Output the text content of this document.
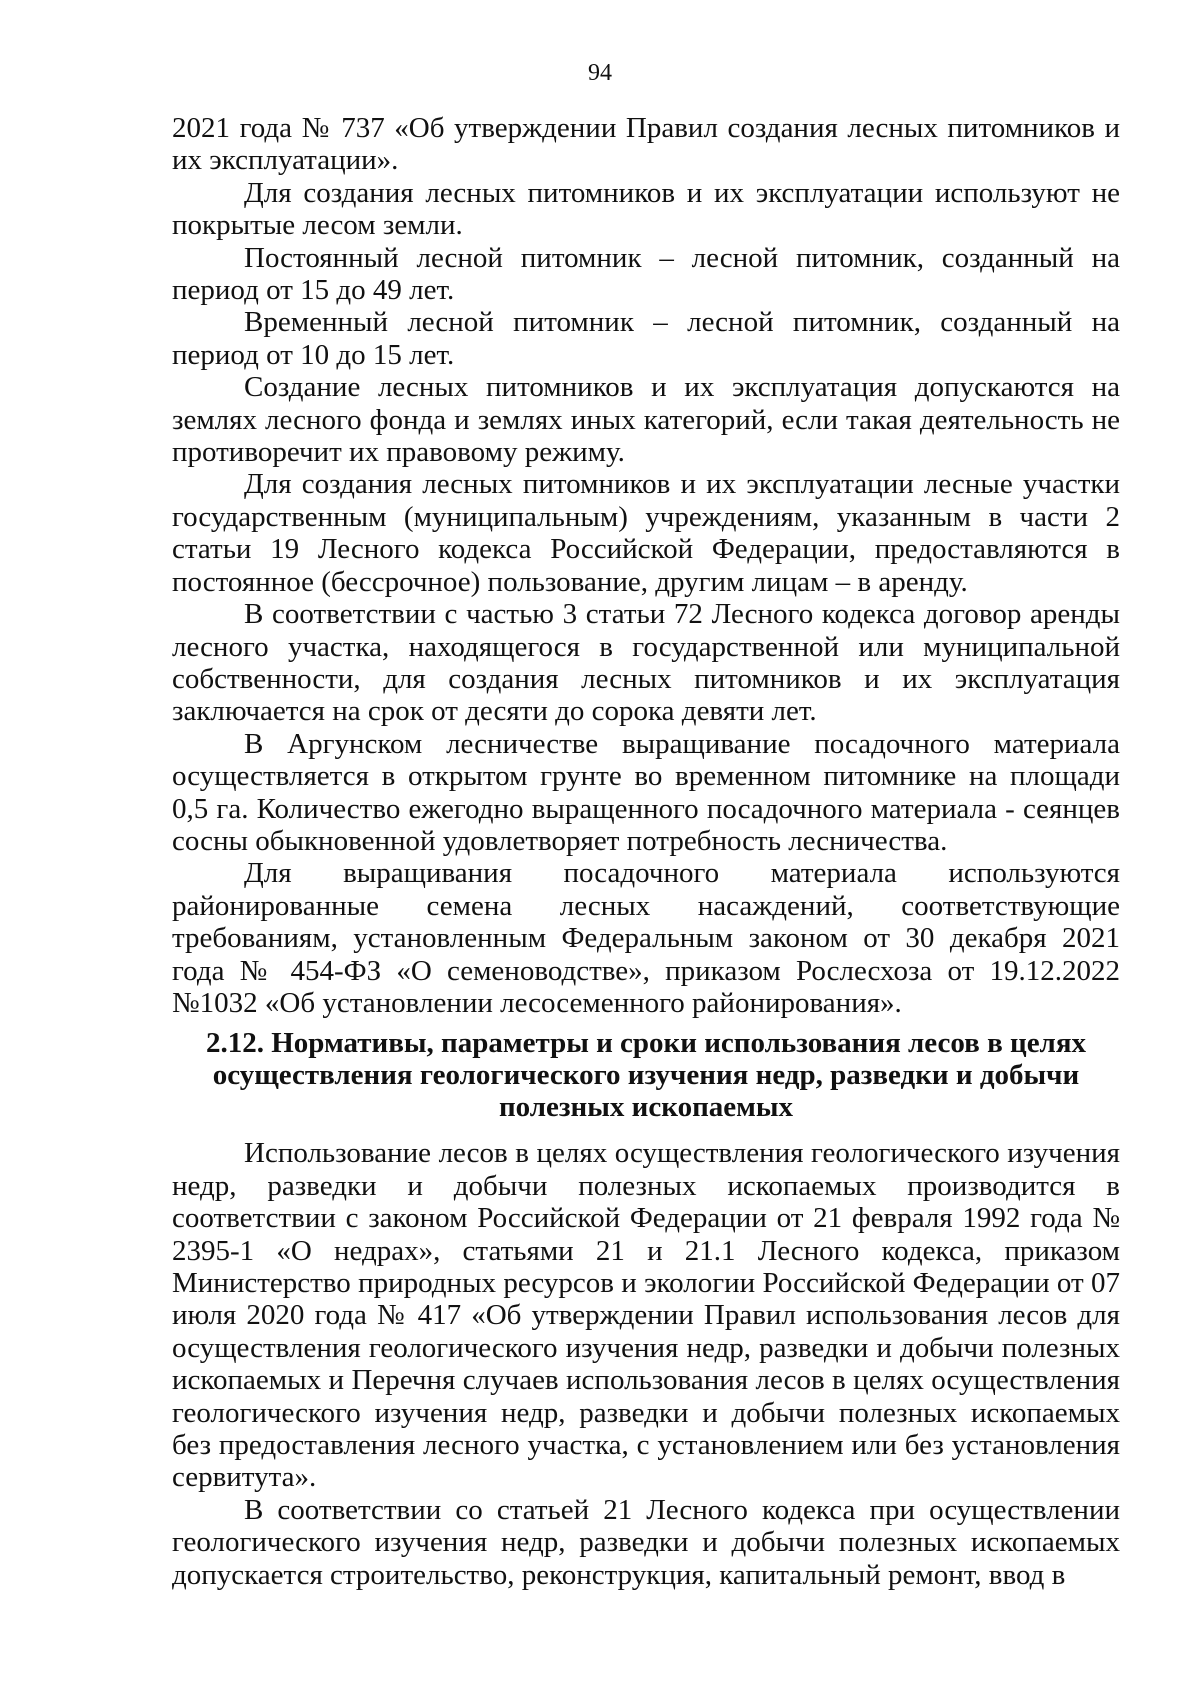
94

2021 года № 737 «Об утверждении Правил создания лесных питомников и их эксплуатации».

Для создания лесных питомников и их эксплуатации используют не покрытые лесом земли.

Постоянный лесной питомник – лесной питомник, созданный на период от 15 до 49 лет.

Временный лесной питомник – лесной питомник, созданный на период от 10 до 15 лет.

Создание лесных питомников и их эксплуатация допускаются на землях лесного фонда и землях иных категорий, если такая деятельность не противоречит их правовому режиму.

Для создания лесных питомников и их эксплуатации лесные участки государственным (муниципальным) учреждениям, указанным в части 2 статьи 19 Лесного кодекса Российской Федерации, предоставляются в постоянное (бессрочное) пользование, другим лицам – в аренду.

В соответствии с частью 3 статьи 72 Лесного кодекса договор аренды лесного участка, находящегося в государственной или муниципальной собственности, для создания лесных питомников и их эксплуатация заключается на срок от десяти до сорока девяти лет.

В Аргунском лесничестве выращивание посадочного материала осуществляется в открытом грунте во временном питомнике на площади 0,5 га. Количество ежегодно выращенного посадочного материала - сеянцев сосны обыкновенной удовлетворяет потребность лесничества.

Для выращивания посадочного материала используются районированные семена лесных насаждений, соответствующие требованиям, установленным Федеральным законом от 30 декабря 2021 года № 454-ФЗ «О семеноводстве», приказом Рослесхоза от 19.12.2022 №1032 «Об установлении лесосеменного районирования».

2.12. Нормативы, параметры и сроки использования лесов в целях осуществления геологического изучения недр, разведки и добычи полезных ископаемых

Использование лесов в целях осуществления геологического изучения недр, разведки и добычи полезных ископаемых производится в соответствии с законом Российской Федерации от 21 февраля 1992 года № 2395-1 «О недрах», статьями 21 и 21.1 Лесного кодекса, приказом Министерство природных ресурсов и экологии Российской Федерации от 07 июля 2020 года № 417 «Об утверждении Правил использования лесов для осуществления геологического изучения недр, разведки и добычи полезных ископаемых и Перечня случаев использования лесов в целях осуществления геологического изучения недр, разведки и добычи полезных ископаемых без предоставления лесного участка, с установлением или без установления сервитута».

В соответствии со статьей 21 Лесного кодекса при осуществлении геологического изучения недр, разведки и добычи полезных ископаемых допускается строительство, реконструкция, капитальный ремонт, ввод в
